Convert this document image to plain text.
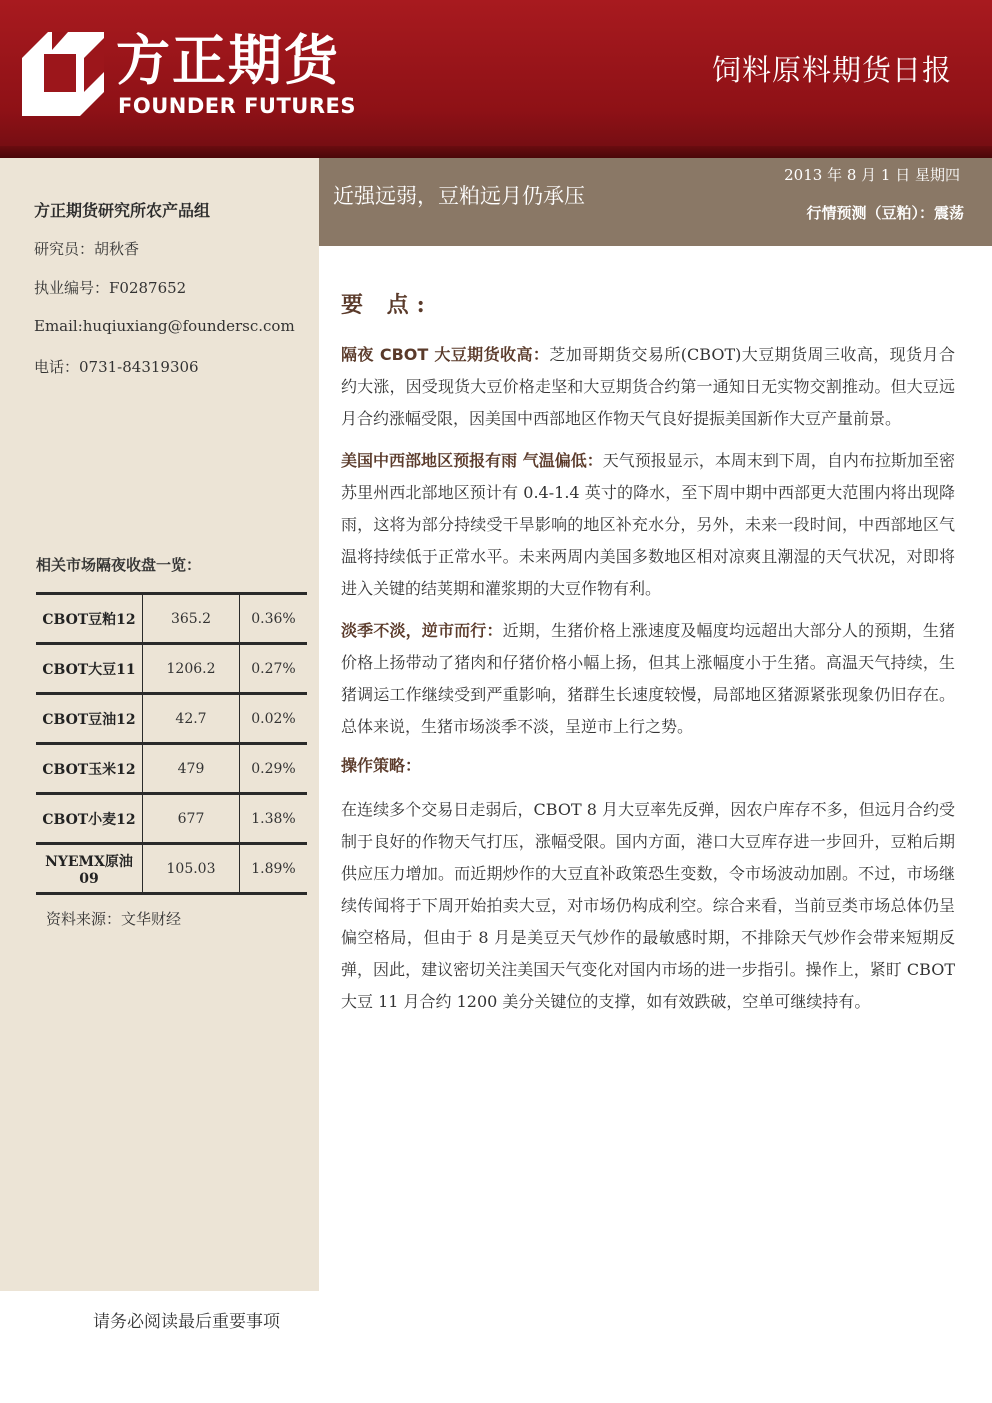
方正期货
FOUNDER FUTURES
饲料原料期货日报
方正期货研究所农产品组
研究员：胡秋香
执业编号：F0287652
Email:huqiuxiang@foundersc.com
电话：0731-84319306
相关市场隔夜收盘一览：
CBOT豆粕12	365.2	0.36%
CBOT大豆11	1206.2	0.27%
CBOT豆油12	42.7	0.02%
CBOT玉米12	479	0.29%
CBOT小麦12	677	1.38%
NYEMX原油09	105.03	1.89%
资料来源：文华财经
请务必阅读最后重要事项
近强远弱，豆粕远月仍承压
2013 年 8 月 1 日 星期四
行情预测（豆粕）：震荡
要 点:

隔夜 CBOT 大豆期货收高：芝加哥期货交易所(CBOT)大豆期货周三收高，现货月合约大涨，因受现货大豆价格走坚和大豆期货合约第一通知日无实物交割推动。但大豆远月合约涨幅受限，因美国中西部地区作物天气良好提振美国新作大豆产量前景。

美国中西部地区预报有雨 气温偏低：天气预报显示，本周末到下周，自内布拉斯加至密苏里州西北部地区预计有 0.4-1.4 英寸的降水，至下周中期中西部更大范围内将出现降雨，这将为部分持续受干旱影响的地区补充水分，另外，未来一段时间，中西部地区气温将持续低于正常水平。未来两周内美国多数地区相对凉爽且潮湿的天气状况，对即将进入关键的结荚期和灌浆期的大豆作物有利。

淡季不淡，逆市而行：近期，生猪价格上涨速度及幅度均远超出大部分人的预期，生猪价格上扬带动了猪肉和仔猪价格小幅上扬，但其上涨幅度小于生猪。高温天气持续，生猪调运工作继续受到严重影响，猪群生长速度较慢，局部地区猪源紧张现象仍旧存在。总体来说，生猪市场淡季不淡，呈逆市上行之势。

操作策略：

在连续多个交易日走弱后，CBOT 8 月大豆率先反弹，因农户库存不多，但远月合约受制于良好的作物天气打压，涨幅受限。国内方面，港口大豆库存进一步回升，豆粕后期供应压力增加。而近期炒作的大豆直补政策恐生变数，令市场波动加剧。不过，市场继续传闻将于下周开始拍卖大豆，对市场仍构成利空。综合来看，当前豆类市场总体仍呈偏空格局，但由于 8 月是美豆天气炒作的最敏感时期，不排除天气炒作会带来短期反弹，因此，建议密切关注美国天气变化对国内市场的进一步指引。操作上，紧盯 CBOT 大豆 11 月合约 1200 美分关键位的支撑，如有效跌破，空单可继续持有。
